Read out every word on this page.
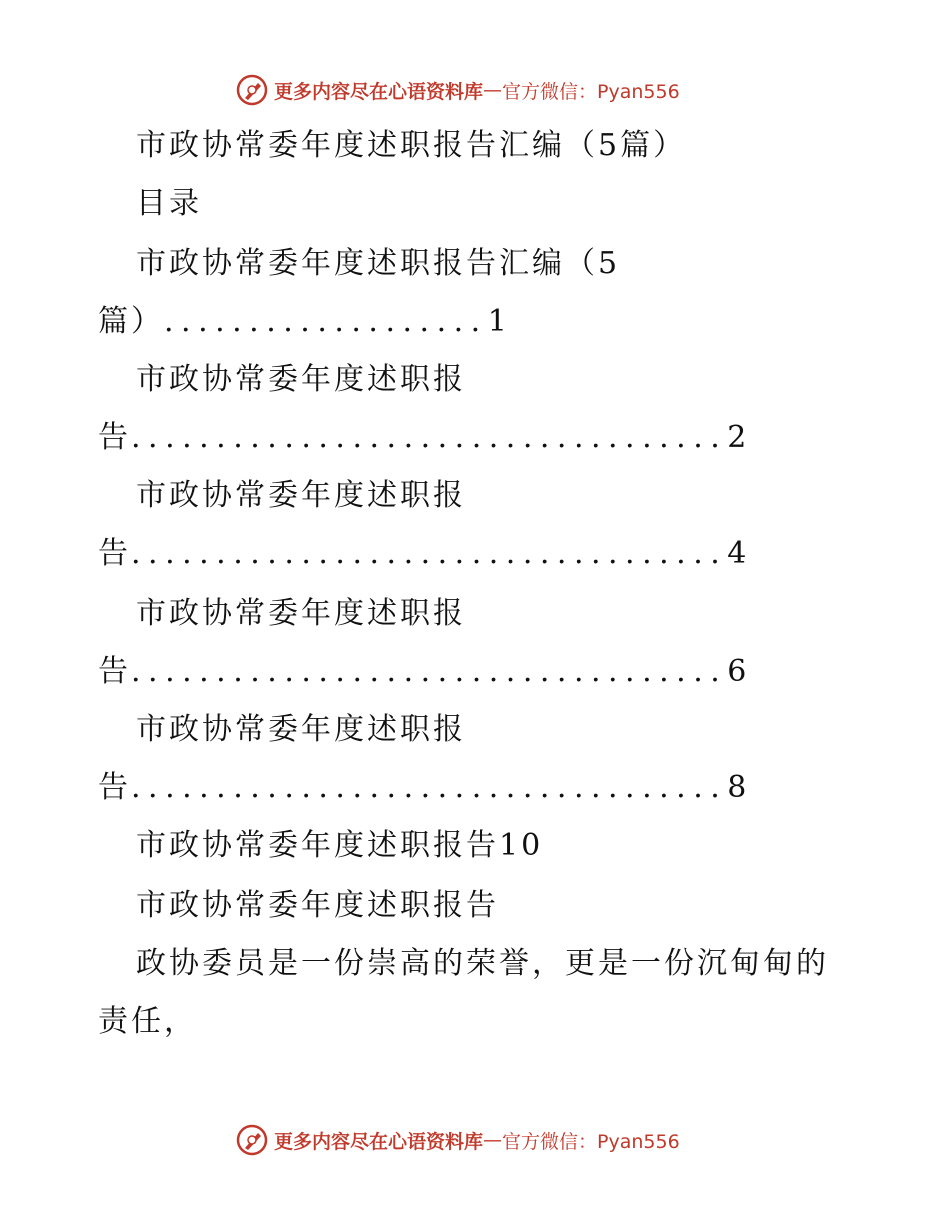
更多内容尽在心语资料库 — 官方微信：Pyan556
市政协常委年度述职报告汇编（5篇）
目录
市政协常委年度述职报告汇编（5
篇） ................... 1
市政协常委年度述职报
告 ................................... 2
市政协常委年度述职报
告 ................................... 4
市政协常委年度述职报
告 ................................... 6
市政协常委年度述职报
告 ................................... 8
市政协常委年度述职报告10
市政协常委年度述职报告
政协委员是一份崇高的荣誉，更是一份沉甸甸的
责任，
更多内容尽在心语资料库 — 官方微信：Pyan556
